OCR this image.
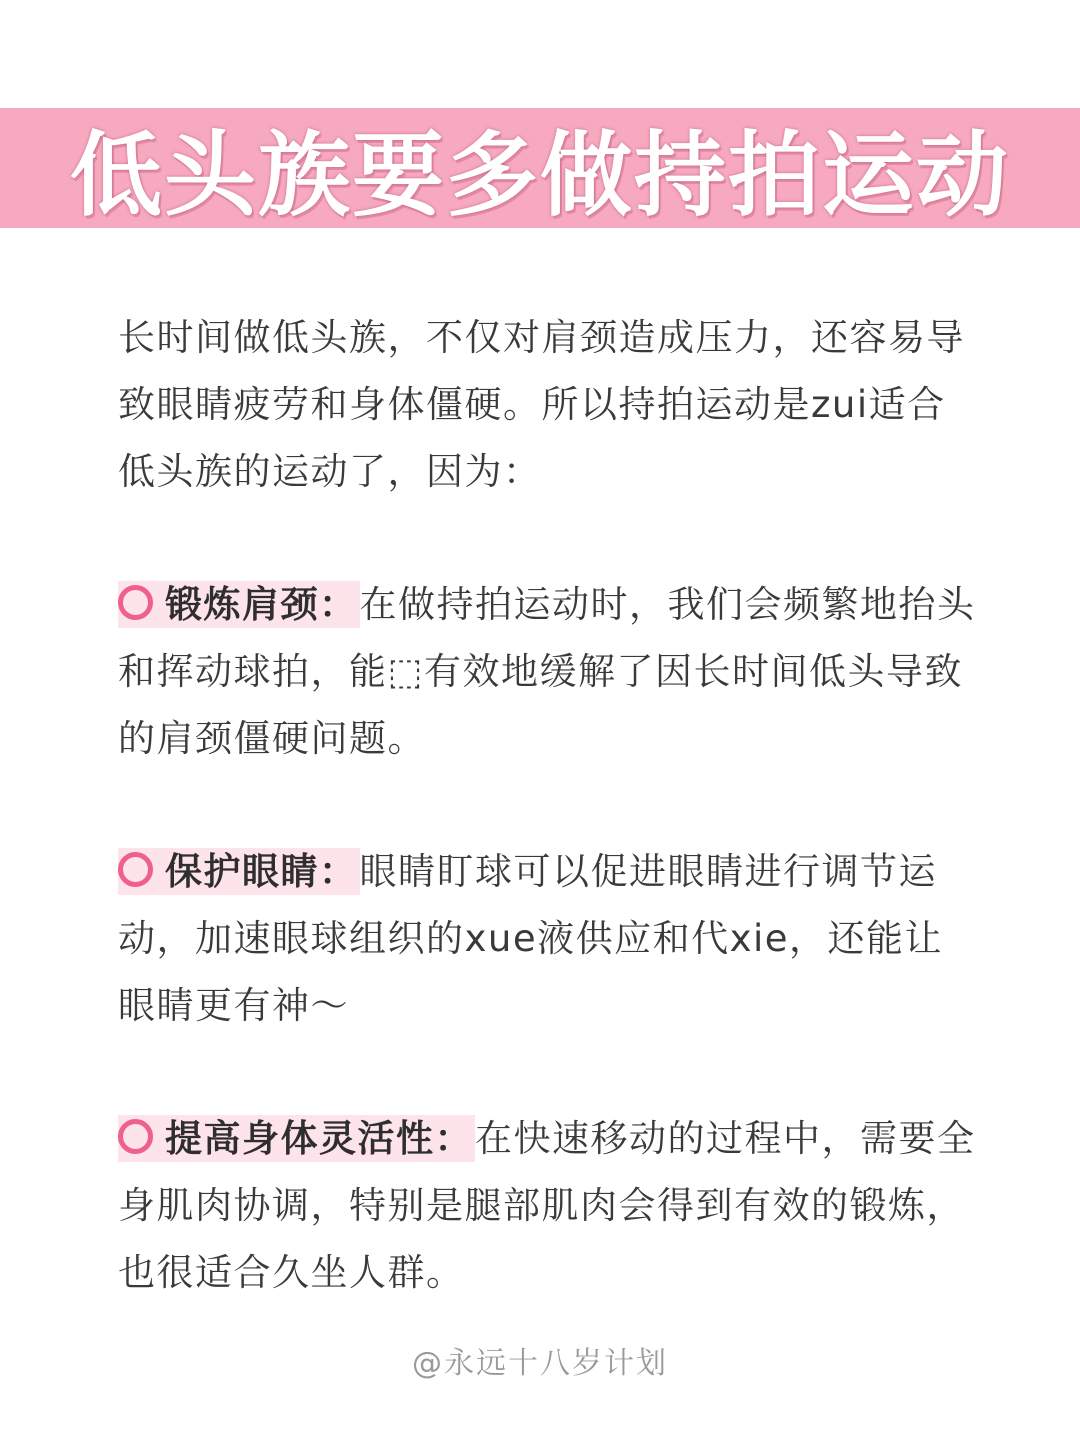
低头族要多做持拍运动

长时间做低头族，不仅对肩颈造成压力，还容易导致眼睛疲劳和身体僵硬。所以持拍运动是zui适合低头族的运动了，因为：

锻炼肩颈：在做持拍运动时，我们会频繁地抬头和挥动球拍，能⬚有效地缓解了因长时间低头导致的肩颈僵硬问题。

保护眼睛：眼睛盯球可以促进眼睛进行调节运动，加速眼球组织的xue液供应和代xie，还能让眼睛更有神～

提高身体灵活性：在快速移动的过程中，需要全身肌肉协调，特别是腿部肌肉会得到有效的锻炼，也很适合久坐人群。

@永远十八岁计划
